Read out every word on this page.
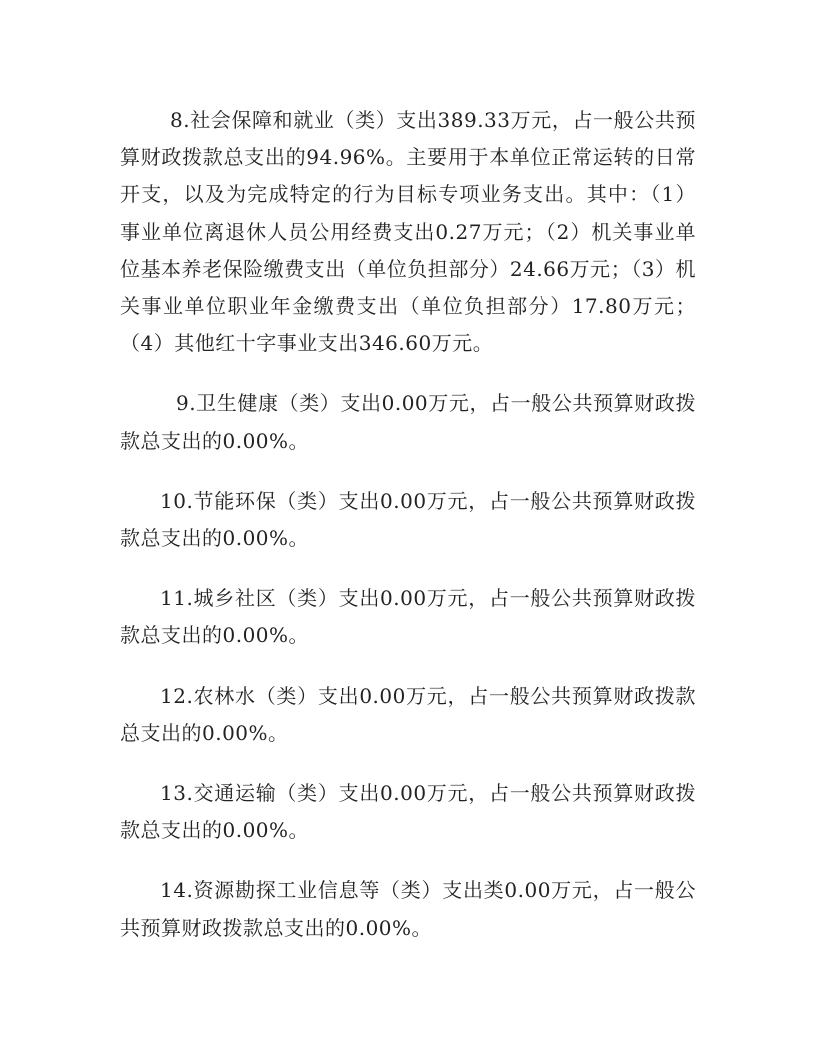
8.社会保障和就业（类）支出389.33万元，占一般公共预算财政拨款总支出的94.96%。主要用于本单位正常运转的日常开支，以及为完成特定的行为目标专项业务支出。其中：（1）事业单位离退休人员公用经费支出0.27万元；（2）机关事业单位基本养老保险缴费支出（单位负担部分）24.66万元；（3）机关事业单位职业年金缴费支出（单位负担部分）17.80万元；（4）其他红十字事业支出346.60万元。

9.卫生健康（类）支出0.00万元，占一般公共预算财政拨款总支出的0.00%。

10.节能环保（类）支出0.00万元，占一般公共预算财政拨款总支出的0.00%。

11.城乡社区（类）支出0.00万元，占一般公共预算财政拨款总支出的0.00%。

12.农林水（类）支出0.00万元，占一般公共预算财政拨款总支出的0.00%。

13.交通运输（类）支出0.00万元，占一般公共预算财政拨款总支出的0.00%。

14.资源勘探工业信息等（类）支出类0.00万元，占一般公共预算财政拨款总支出的0.00%。
